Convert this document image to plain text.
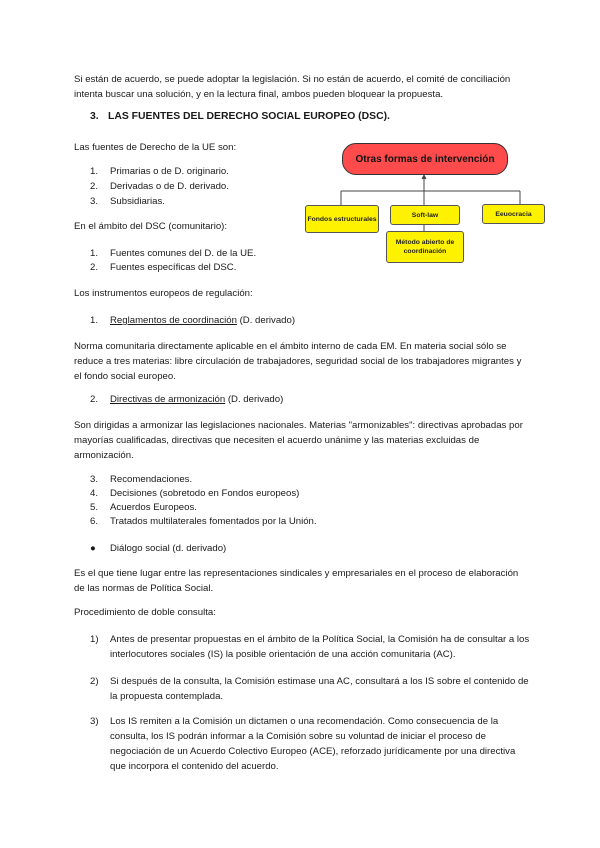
Si están de acuerdo, se puede adoptar la legislación. Si no están de acuerdo, el comité de conciliación intenta buscar una solución, y en la lectura final, ambos pueden bloquear la propuesta.

3. LAS FUENTES DEL DERECHO SOCIAL EUROPEO (DSC).

Las fuentes de Derecho de la UE son:

1. Primarias o de D. originario.
2. Derivadas o de D. derivado.
3. Subsidiarias.

En el ámbito del DSC (comunitario):

1. Fuentes comunes del D. de la UE.
2. Fuentes específicas del DSC.

Los instrumentos europeos de regulación:

1. Reglamentos de coordinación (D. derivado)

Norma comunitaria directamente aplicable en el ámbito interno de cada EM. En materia social sólo se reduce a tres materias: libre circulación de trabajadores, seguridad social de los trabajadores migrantes y el fondo social europeo.

2. Directivas de armonización (D. derivado)

Son dirigidas a armonizar las legislaciones nacionales. Materias "armonizables": directivas aprobadas por mayorías cualificadas, directivas que necesiten el acuerdo unánime y las materias excluidas de armonización.

3. Recomendaciones.
4. Decisiones (sobretodo en Fondos europeos)
5. Acuerdos Europeos.
6. Tratados multilaterales fomentados por la Unión.
● Diálogo social (d. derivado)

Es el que tiene lugar entre las representaciones sindicales y empresariales en el proceso de elaboración de las normas de Política Social.

Procedimiento de doble consulta:

1) Antes de presentar propuestas en el ámbito de la Política Social, la Comisión ha de consultar a los interlocutores sociales (IS) la posible orientación de una acción comunitaria (AC).
2) Si después de la consulta, la Comisión estimase una AC, consultará a los IS sobre el contenido de la propuesta contemplada.
3) Los IS remiten a la Comisión un dictamen o una recomendación. Como consecuencia de la consulta, los IS podrán informar a la Comisión sobre su voluntad de iniciar el proceso de negociación de un Acuerdo Colectivo Europeo (ACE), reforzado jurídicamente por una directiva que incorpora el contenido del acuerdo.
Otras formas de intervención
Fondos estructurales
Soft-law	Eeuocracia
Método abierto de coordinación
